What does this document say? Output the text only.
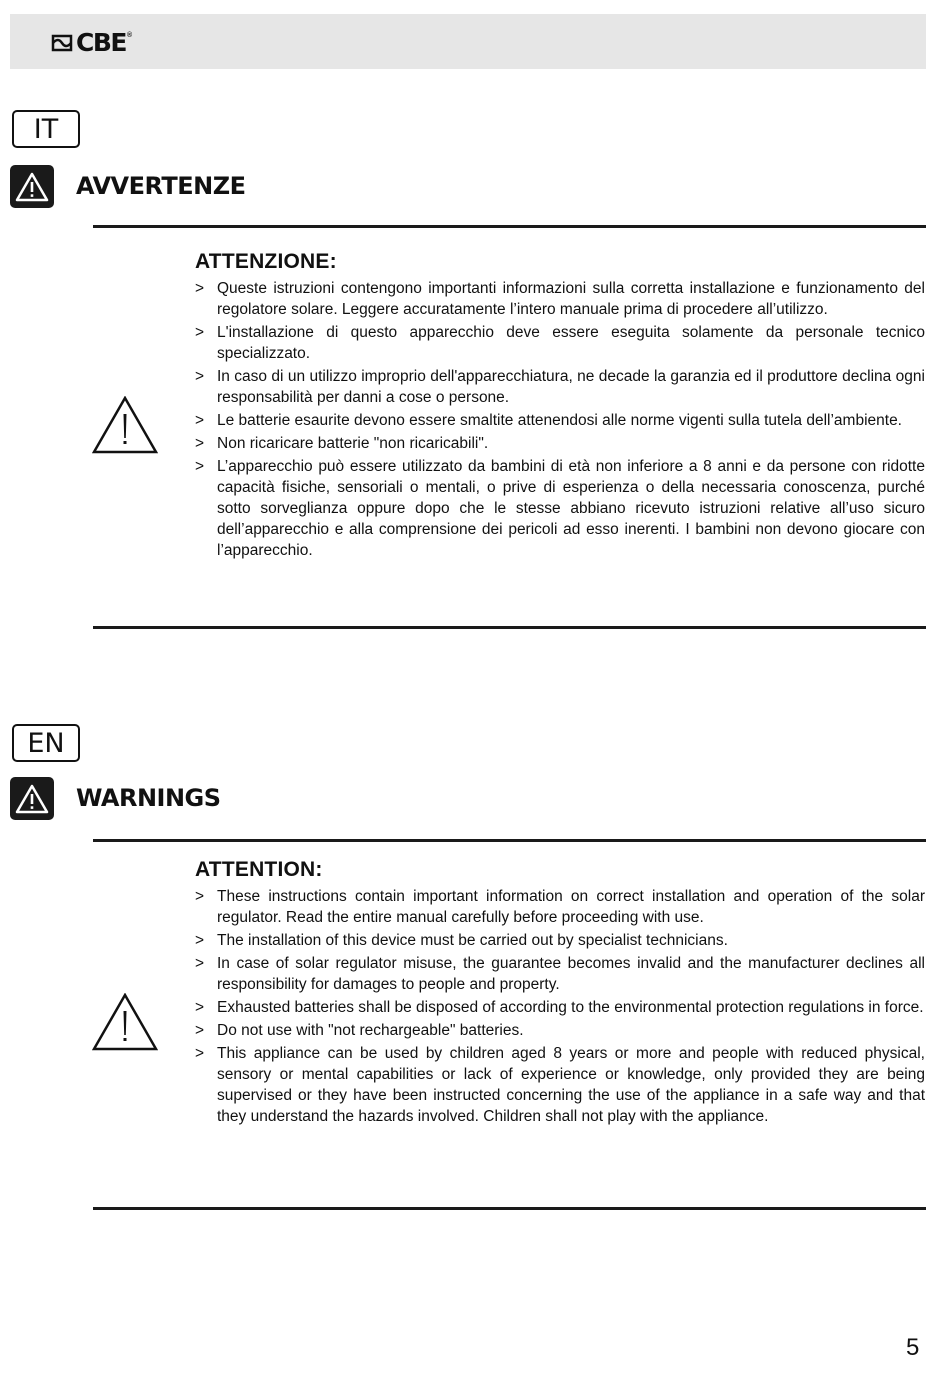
CBE ®
IT
AVVERTENZE
ATTENZIONE:
> Queste istruzioni contengono importanti informazioni sulla corretta installazione e funzionamento del regolatore solare. Leggere accuratamente l’intero manuale prima di procedere all’utilizzo.
> L'installazione di questo apparecchio deve essere eseguita solamente da personale tecnico specializzato.
> In caso di un utilizzo improprio dell'apparecchiatura, ne decade la garanzia ed il produttore declina ogni responsabilità per danni a cose o persone.
> Le batterie esaurite devono essere smaltite attenendosi alle norme vigenti sulla tutela dell’ambiente.
> Non ricaricare batterie "non ricaricabili".
> L’apparecchio può essere utilizzato da bambini di età non inferiore a 8 anni e da persone con ridotte capacità fisiche, sensoriali o mentali, o prive di esperienza o della necessaria conoscenza, purché sotto sorveglianza oppure dopo che le stesse abbiano ricevuto istruzioni relative all’uso sicuro dell’apparecchio e alla comprensione dei pericoli ad esso inerenti. I bambini non devono giocare con l’apparecchio.
EN
WARNINGS
ATTENTION:
> These instructions contain important information on correct installation and operation of the solar regulator. Read the entire manual carefully before proceeding with use.
> The installation of this device must be carried out by specialist technicians.
> In case of solar regulator misuse, the guarantee becomes invalid and the manufacturer declines all responsibility for damages to people and property.
> Exhausted batteries shall be disposed of according to the environmental protection regulations in force.
> Do not use with "not rechargeable" batteries.
> This appliance can be used by children aged 8 years or more and people with reduced physical, sensory or mental capabilities or lack of experience or knowledge, only provided they are being supervised or they have been instructed concerning the use of the appliance in a safe way and that they understand the hazards involved. Children shall not play with the appliance.
5
